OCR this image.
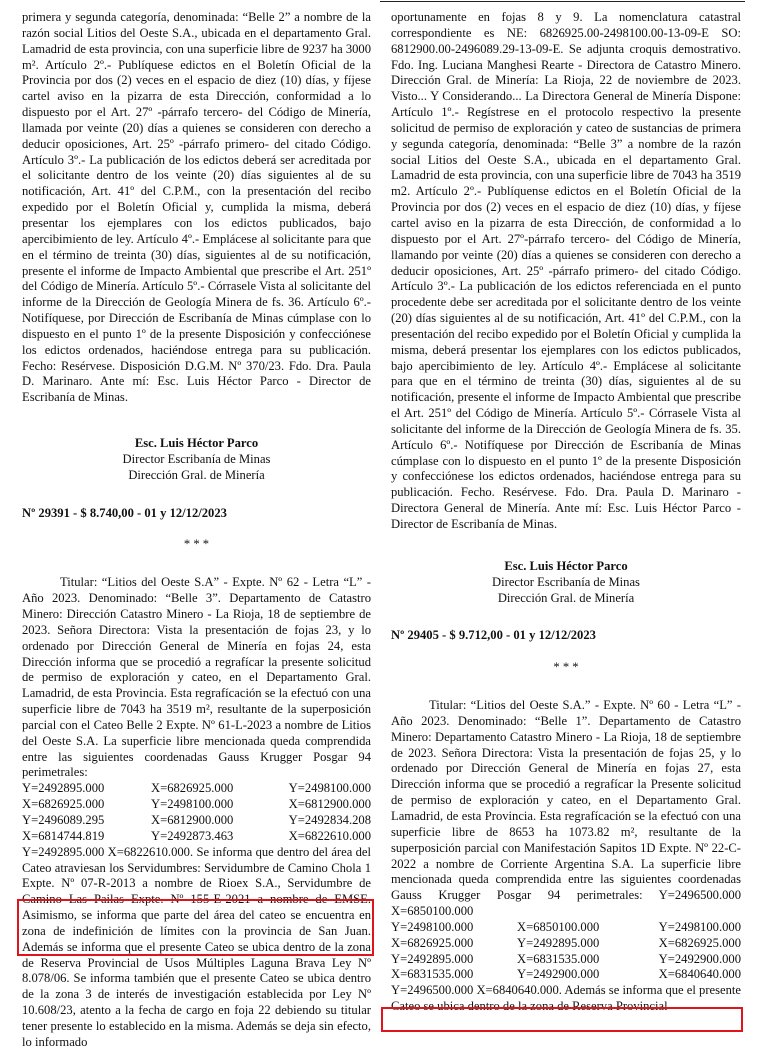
primera y segunda categoría, denominada: “Belle 2” a nombre de la razón social Litios del Oeste S.A., ubicada en el departamento Gral. Lamadrid de esta provincia, con una superficie libre de 9237 ha 3000 m². Artículo 2º.- Publíquese edictos en el Boletín Oficial de la Provincia por dos (2) veces en el espacio de diez (10) días, y fíjese cartel aviso en la pizarra de esta Dirección, conformidad a lo dispuesto por el Art. 27º -párrafo tercero- del Código de Minería, llamada por veinte (20) días a quienes se consideren con derecho a deducir oposiciones, Art. 25º -párrafo primero- del citado Código. Artículo 3º.- La publicación de los edictos deberá ser acreditada por el solicitante dentro de los veinte (20) días siguientes al de su notificación, Art. 41º del C.P.M., con la presentación del recibo expedido por el Boletín Oficial y, cumplida la misma, deberá presentar los ejemplares con los edictos publicados, bajo apercibimiento de ley. Artículo 4º.- Emplácese al solicitante para que en el término de treinta (30) días, siguientes al de su notificación, presente el informe de Impacto Ambiental que prescribe el Art. 251º del Código de Minería. Artículo 5º.- Córrasele Vista al solicitante del informe de la Dirección de Geología Minera de fs. 36. Artículo 6º.- Notifíquese, por Dirección de Escribanía de Minas cúmplase con lo dispuesto en el punto 1º de la presente Disposición y confecciónese los edictos ordenados, haciéndose entrega para su publicación. Fecho: Resérvese. Disposición D.G.M. Nº 370/23. Fdo. Dra. Paula D. Marinaro. Ante mí: Esc. Luis Héctor Parco - Director de Escribanía de Minas.

Esc. Luis Héctor Parco
Director Escribanía de Minas
Dirección Gral. de Minería
Nº 29391 - $ 8.740,00 - 01 y 12/12/2023
* * *

Titular: “Litios del Oeste S.A” - Expte. Nº 62 - Letra “L” - Año 2023. Denominado: “Belle 3”. Departamento de Catastro Minero: Dirección Catastro Minero - La Rioja, 18 de septiembre de 2023. Señora Directora: Vista la presentación de fojas 23, y lo ordenado por Dirección General de Minería en fojas 24, esta Dirección informa que se procedió a regrafícar la presente solicitud de permiso de exploración y cateo, en el Departamento Gral. Lamadrid, de esta Provincia. Esta regrafícación se la efectuó con una superficie libre de 7043 ha 3519 m², resultante de la superposición parcial con el Cateo Belle 2 Expte. Nº 61-L-2023 a nombre de Litios del Oeste S.A. La superficie libre mencionada queda comprendida entre las siguientes coordenadas Gauss Krugger Posgar 94 perimetrales:

Y=2492895.000	X=6826925.000	Y=2498100.000
X=6826925.000	Y=2498100.000	X=6812900.000
Y=2496089.295	X=6812900.000	Y=2492834.208
X=6814744.819	Y=2492873.463	X=6822610.000

Y=2492895.000 X=6822610.000. Se informa que dentro del área del Cateo atraviesan los Servidumbres: Servidumbre de Camino Chola 1 Expte. Nº 07-R-2013 a nombre de Rioex S.A., Servidumbre de Camino Las Pailas Expte. Nº 155-E-2021 a nombre de EMSE. Asimismo, se informa que parte del área del cateo se encuentra en zona de indefinición de límites con la provincia de San Juan. Además se informa que el presente Cateo se ubica dentro de la zona de Reserva Provincial de Usos Múltiples Laguna Brava Ley Nº 8.078/06. Se informa también que el presente Cateo se ubica dentro de la zona 3 de interés de investigación establecida por Ley Nº 10.608/23, atento a la fecha de cargo en foja 22 debiendo su titular tener presente lo establecido en la misma. Además se deja sin efecto, lo informado

oportunamente en fojas 8 y 9. La nomenclatura catastral correspondiente es NE: 6826925.00-2498100.00-13-09-E SO: 6812900.00-2496089.29-13-09-E. Se adjunta croquis demostrativo. Fdo. Ing. Luciana Manghesi Rearte - Directora de Catastro Minero. Dirección Gral. de Minería: La Rioja, 22 de noviembre de 2023. Visto... Y Considerando... La Directora General de Minería Dispone: Artículo 1º.- Regístrese en el protocolo respectivo la presente solicitud de permiso de exploración y cateo de sustancias de primera y segunda categoría, denominada: “Belle 3” a nombre de la razón social Litios del Oeste S.A., ubicada en el departamento Gral. Lamadrid de esta provincia, con una superficie libre de 7043 ha 3519 m2. Artículo 2º.- Publíquense edictos en el Boletín Oficial de la Provincia por dos (2) veces en el espacio de diez (10) días, y fíjese cartel aviso en la pizarra de esta Dirección, de conformidad a lo dispuesto por el Art. 27º-párrafo tercero- del Código de Minería, llamando por veinte (20) días a quienes se consideren con derecho a deducir oposiciones, Art. 25º -párrafo primero- del citado Código. Artículo 3º.- La publicación de los edictos referenciada en el punto procedente debe ser acreditada por el solicitante dentro de los veinte (20) días siguientes al de su notificación, Art. 41º del C.P.M., con la presentación del recibo expedido por el Boletín Oficial y cumplida la misma, deberá presentar los ejemplares con los edictos publicados, bajo apercibimiento de ley. Artículo 4º.- Emplácese al solicitante para que en el término de treinta (30) días, siguientes al de su notificación, presente el informe de Impacto Ambiental que prescribe el Art. 251º del Código de Minería. Artículo 5º.- Córrasele Vista al solicitante del informe de la Dirección de Geología Minera de fs. 35. Artículo 6º.- Notifíquese por Dirección de Escribanía de Minas cúmplase con lo dispuesto en el punto 1º de la presente Disposición y confecciónese los edictos ordenados, haciéndose entrega para su publicación. Fecho. Resérvese. Fdo. Dra. Paula D. Marinaro - Directora General de Minería. Ante mí: Esc. Luis Héctor Parco - Director de Escribanía de Minas.

Esc. Luis Héctor Parco
Director Escribanía de Minas
Dirección Gral. de Minería
Nº 29405 - $ 9.712,00 - 01 y 12/12/2023
* * *

Titular: “Litios del Oeste S.A.” - Expte. Nº 60 - Letra “L” - Año 2023. Denominado: “Belle 1”. Departamento de Catastro Minero: Departamento Catastro Minero - La Rioja, 18 de septiembre de 2023. Señora Directora: Vista la presentación de fojas 25, y lo ordenado por Dirección General de Minería en fojas 27, esta Dirección informa que se procedió a regrafícar la Presente solicitud de permiso de exploración y cateo, en el Departamento Gral. Lamadrid, de esta Provincia. Esta regrafícación se la efectuó con una superficie libre de 8653 ha 1073.82 m², resultante de la superposición parcial con Manifestación Sapitos 1D Expte. Nº 22-C-2022 a nombre de Corriente Argentina S.A. La superficie libre mencionada queda comprendida entre las siguientes coordenadas Gauss Krugger Posgar 94 perimetrales: Y=2496500.000 X=6850100.000

Y=2498100.000	X=6850100.000	Y=2498100.000
X=6826925.000	Y=2492895.000	X=6826925.000
Y=2492895.000	X=6831535.000	Y=2492900.000
X=6831535.000	Y=2492900.000	X=6840640.000

Y=2496500.000 X=6840640.000. Además se informa que el presente Cateo se ubica dentro de la zona de Reserva Provincial
